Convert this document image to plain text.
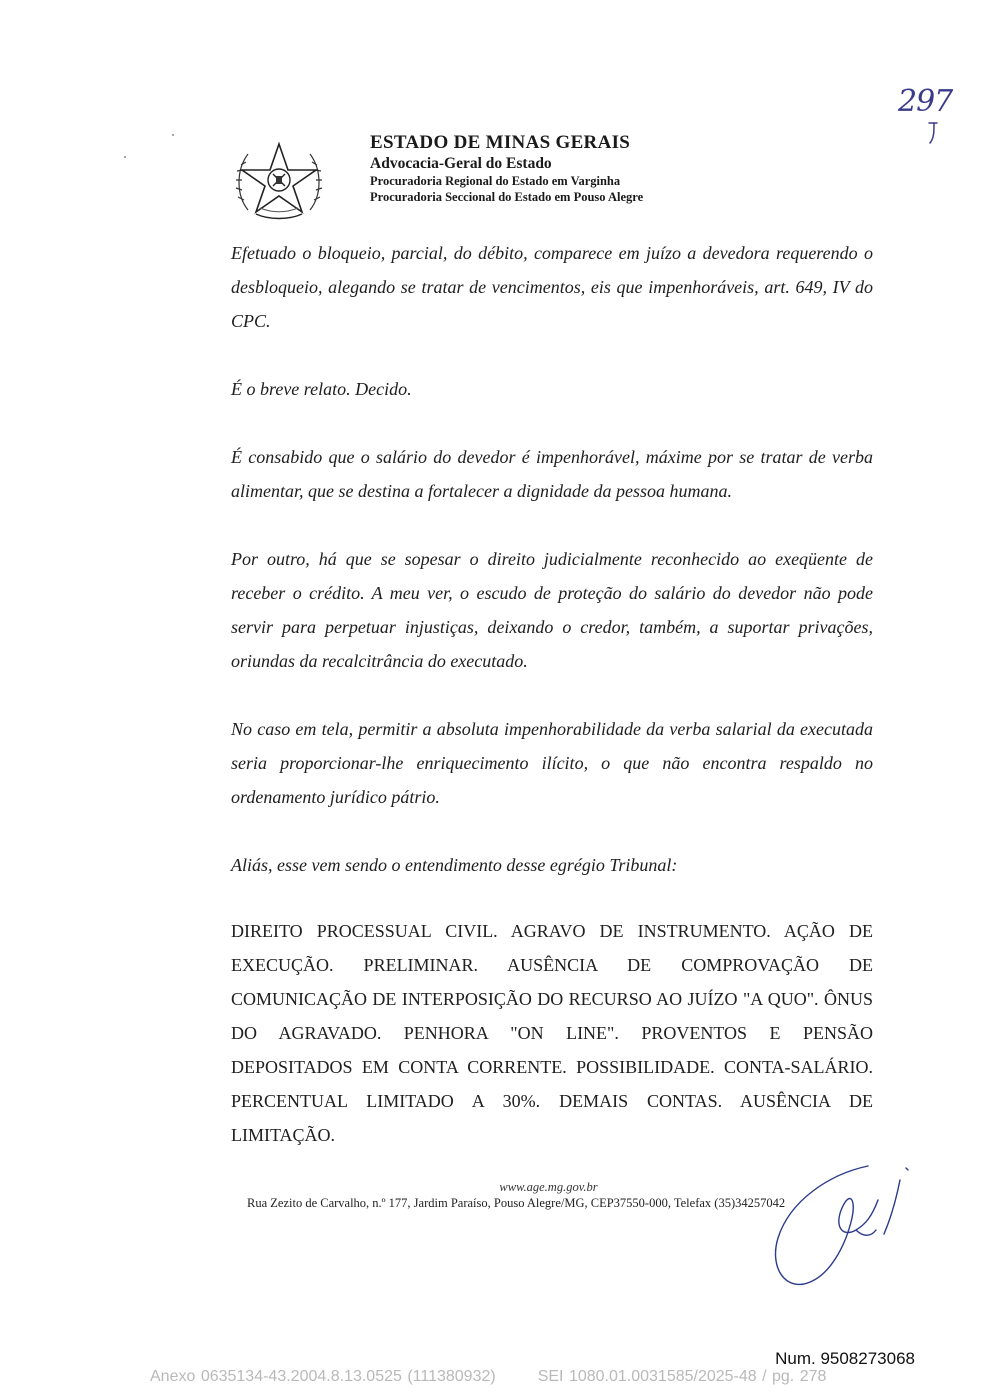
297
ESTADO DE MINAS GERAIS
Advocacia-Geral do Estado
Procuradoria Regional do Estado em Varginha
Procuradoria Seccional do Estado em Pouso Alegre
Efetuado o bloqueio, parcial, do débito, comparece em juízo a devedora requerendo o desbloqueio, alegando se tratar de vencimentos, eis que impenhoráveis, art. 649, IV do CPC.
É o breve relato. Decido.
É consabido que o salário do devedor é impenhorável, máxime por se tratar de verba alimentar, que se destina a fortalecer a dignidade da pessoa humana.
Por outro, há que se sopesar o direito judicialmente reconhecido ao exeqüente de receber o crédito. A meu ver, o escudo de proteção do salário do devedor não pode servir para perpetuar injustiças, deixando o credor, também, a suportar privações, oriundas da recalcitrância do executado.
No caso em tela, permitir a absoluta impenhorabilidade da verba salarial da executada seria proporcionar-lhe enriquecimento ilícito, o que não encontra respaldo no ordenamento jurídico pátrio.
Aliás, esse vem sendo o entendimento desse egrégio Tribunal:
DIREITO PROCESSUAL CIVIL. AGRAVO DE INSTRUMENTO. AÇÃO DE EXECUÇÃO. PRELIMINAR. AUSÊNCIA DE COMPROVAÇÃO DE COMUNICAÇÃO DE INTERPOSIÇÃO DO RECURSO AO JUÍZO "A QUO". ÔNUS DO AGRAVADO. PENHORA "ON LINE". PROVENTOS E PENSÃO DEPOSITADOS EM CONTA CORRENTE. POSSIBILIDADE. CONTA-SALÁRIO. PERCENTUAL LIMITADO A 30%. DEMAIS CONTAS. AUSÊNCIA DE LIMITAÇÃO.
www.age.mg.gov.br
Rua Zezito de Carvalho, n.º 177, Jardim Paraíso, Pouso Alegre/MG, CEP37550-000, Telefax (35)34257042
Num. 9508273068
Anexo 0635134-43.2004.8.13.0525 (111380932)	SEI 1080.01.0031585/2025-48 / pg. 278
